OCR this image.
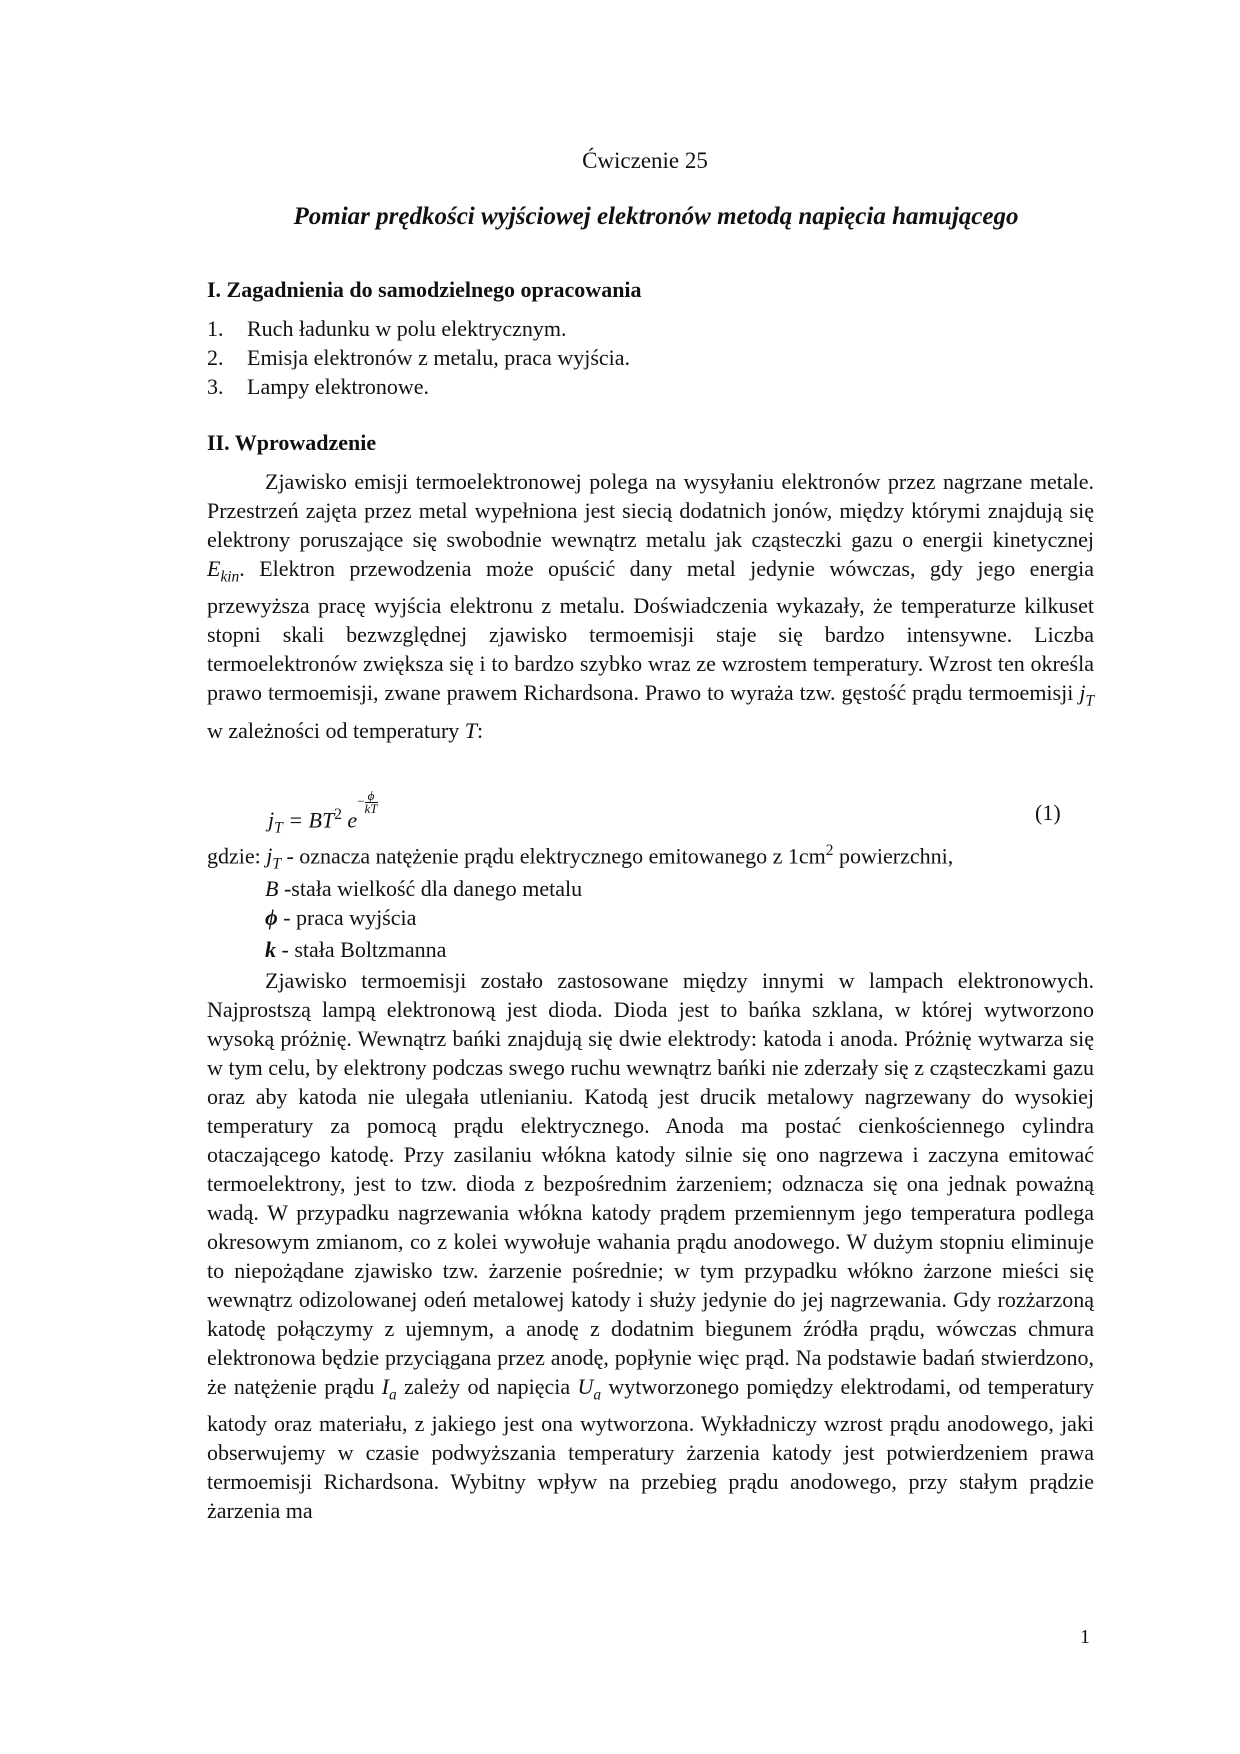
Ćwiczenie 25
Pomiar prędkości wyjściowej elektronów metodą napięcia hamującego
I. Zagadnienia do samodzielnego opracowania
1.	Ruch ładunku w polu elektrycznym.
2.	Emisja elektronów z metalu, praca wyjścia.
3.	Lampy elektronowe.
II. Wprowadzenie

Zjawisko emisji termoelektronowej polega na wysyłaniu elektronów przez nagrzane metale. Przestrzeń zajęta przez metal wypełniona jest siecią dodatnich jonów, między którymi znajdują się elektrony poruszające się swobodnie wewnątrz metalu jak cząsteczki gazu o energii kinetycznej $E_{kin}$. Elektron przewodzenia może opuścić dany metal jedynie wówczas, gdy jego energia przewyższa pracę wyjścia elektronu z metalu. Doświadczenia wykazały, że temperaturze kilkuset stopni skali bezwzględnej zjawisko termoemisji staje się bardzo intensywne. Liczba termoelektronów zwiększa się i to bardzo szybko wraz ze wzrostem temperatury. Wzrost ten określa prawo termoemisji, zwane prawem Richardsona. Prawo to wyraża tzw. gęstość prądu termoemisji $j_T$ w zależności od temperatury T:

$j_T = BT^2$ $e- \frac{\phi}{kT}$	(1)
gdzie: $j_T$ - oznacza natężenie prądu elektrycznego emitowanego z $1cm^2$ powierzchni,
B -stała wielkość dla danego metalu
ϕ - praca wyjścia
k - stała Boltzmanna

Zjawisko termoemisji zostało zastosowane między innymi w lampach elektronowych. Najprostszą lampą elektronową jest dioda. Dioda jest to bańka szklana, w której wytworzono wysoką próżnię. Wewnątrz bańki znajdują się dwie elektrody: katoda i anoda. Próżnię wytwarza się w tym celu, by elektrony podczas swego ruchu wewnątrz bańki nie zderzały się z cząsteczkami gazu oraz aby katoda nie ulegała utlenianiu. Katodą jest drucik metalowy nagrzewany do wysokiej temperatury za pomocą prądu elektrycznego. Anoda ma postać cienkościennego cylindra otaczającego katodę. Przy zasilaniu włókna katody silnie się ono nagrzewa i zaczyna emitować termoelektrony, jest to tzw. dioda z bezpośrednim żarzeniem; odznacza się ona jednak poważną wadą. W przypadku nagrzewania włókna katody prądem przemiennym jego temperatura podlega okresowym zmianom, co z kolei wywołuje wahania prądu anodowego. W dużym stopniu eliminuje to niepożądane zjawisko tzw. żarzenie pośrednie; w tym przypadku włókno żarzone mieści się wewnątrz odizolowanej odeń metalowej katody i służy jedynie do jej nagrzewania. Gdy rozżarzoną katodę połączymy z ujemnym, a anodę z dodatnim biegunem źródła prądu, wówczas chmura elektronowa będzie przyciągana przez anodę, popłynie więc prąd. Na podstawie badań stwierdzono, że natężenie prądu $I_a$ zależy od napięcia $U_a$ wytworzonego pomiędzy elektrodami, od temperatury katody oraz materiału, z jakiego jest ona wytworzona. Wykładniczy wzrost prądu anodowego, jaki obserwujemy w czasie podwyższania temperatury żarzenia katody jest potwierdzeniem prawa termoemisji Richardsona. Wybitny wpływ na przebieg prądu anodowego, przy stałym prądzie żarzenia ma

1
